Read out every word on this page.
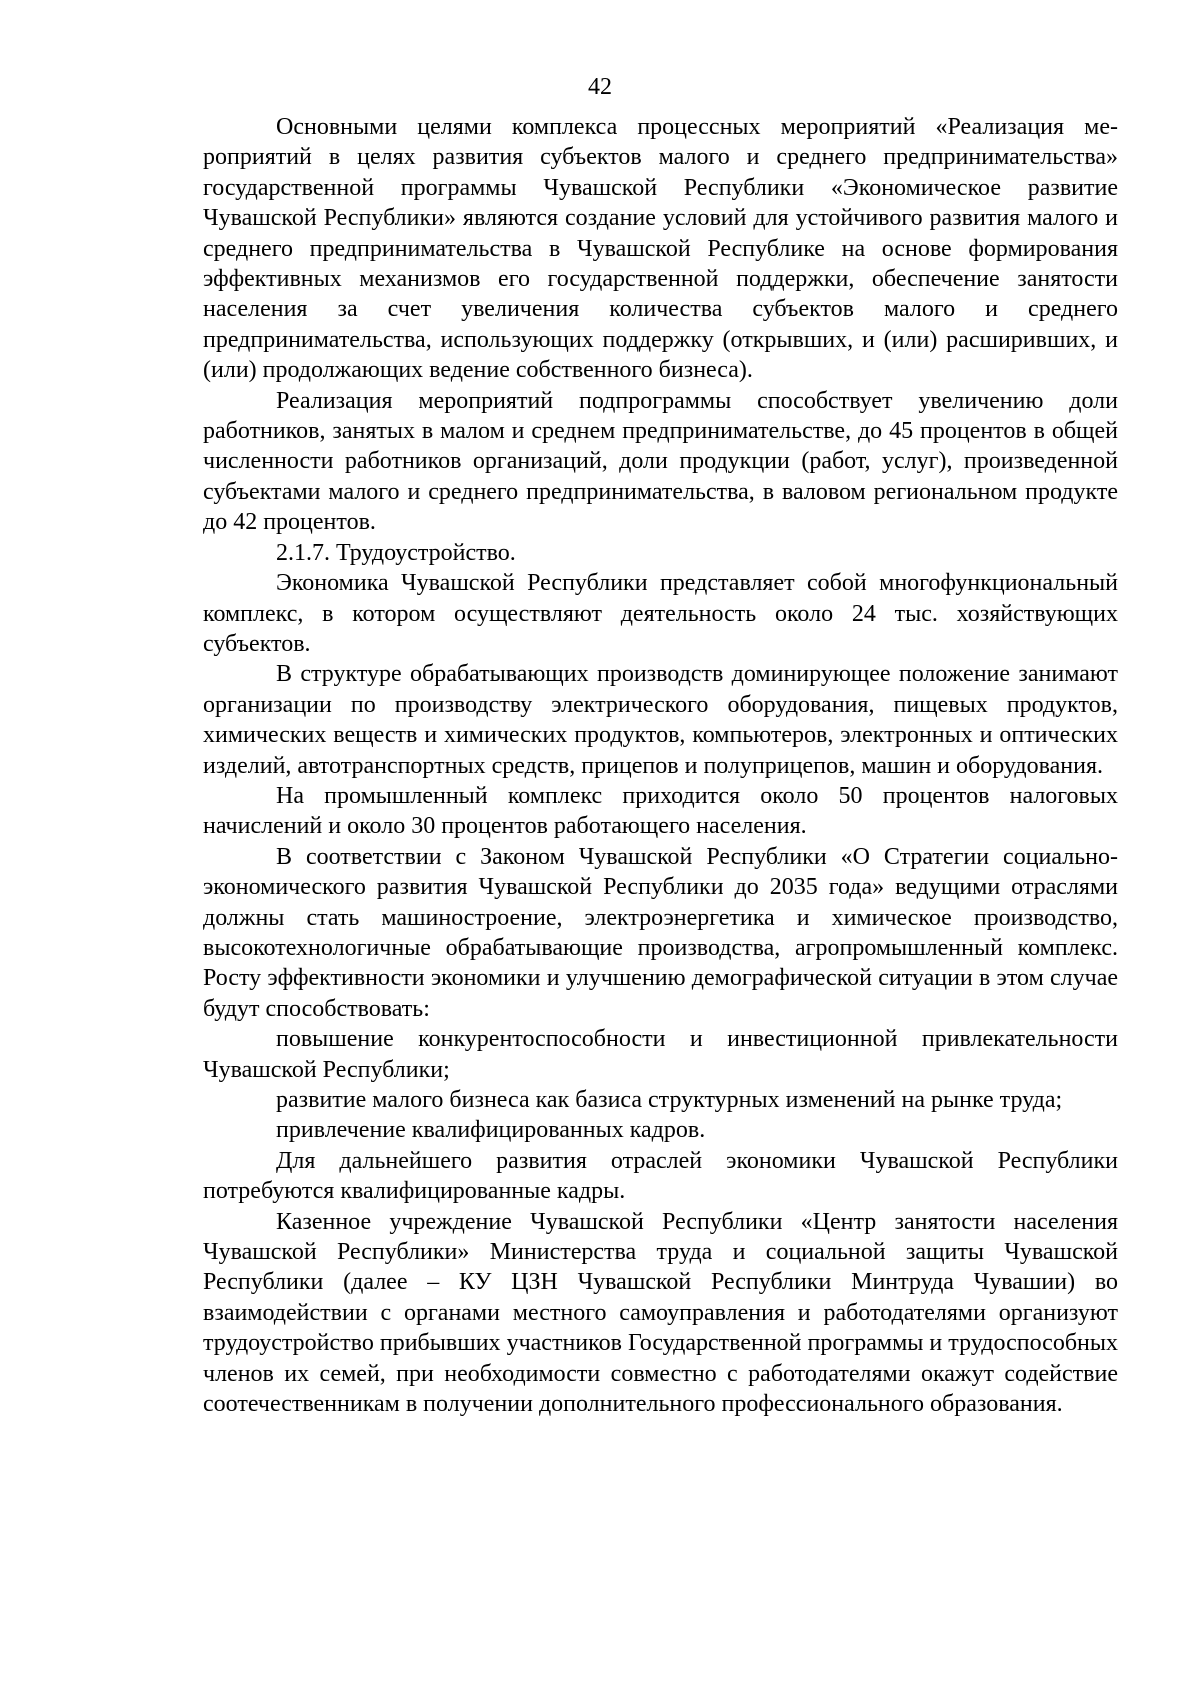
42

Основными целями комплекса процессных мероприятий «Реализация мероприятий в целях развития субъектов малого и среднего предпринимательства» государственной программы Чувашской Республики «Экономическое развитие Чувашской Республики» являются создание условий для устойчивого развития малого и среднего предпринимательства в Чувашской Республике на основе формирования эффективных механизмов его государственной поддержки, обеспечение занятости населения за счет увеличения количества субъектов малого и среднего предпринимательства, использующих поддержку (открывших, и (или) расширивших, и (или) продолжающих ведение собственного бизнеса).

Реализация мероприятий подпрограммы способствует увеличению доли работников, занятых в малом и среднем предпринимательстве, до 45 процентов в общей численности работников организаций, доли продукции (работ, услуг), произведенной субъектами малого и среднего предпринимательства, в валовом региональном продукте до 42 процентов.

2.1.7. Трудоустройство.

Экономика Чувашской Республики представляет собой многофункциональный комплекс, в котором осуществляют деятельность около 24 тыс. хозяйствующих субъектов.

В структуре обрабатывающих производств доминирующее положение занимают организации по производству электрического оборудования, пищевых продуктов, химических веществ и химических продуктов, компьютеров, электронных и оптических изделий, автотранспортных средств, прицепов и полуприцепов, машин и оборудования.

На промышленный комплекс приходится около 50 процентов налоговых начислений и около 30 процентов работающего населения.

В соответствии с Законом Чувашской Республики «О Стратегии социально-экономического развития Чувашской Республики до 2035 года» ведущими отраслями должны стать машиностроение, электроэнергетика и химическое производство, высокотехнологичные обрабатывающие производства, агропромышленный комплекс. Росту эффективности экономики и улучшению демографической ситуации в этом случае будут способствовать:

повышение конкурентоспособности и инвестиционной привлекательности Чувашской Республики;

развитие малого бизнеса как базиса структурных изменений на рынке труда;

привлечение квалифицированных кадров.

Для дальнейшего развития отраслей экономики Чувашской Республики потребуются квалифицированные кадры.

Казенное учреждение Чувашской Республики «Центр занятости населения Чувашской Республики» Министерства труда и социальной защиты Чувашской Республики (далее – КУ ЦЗН Чувашской Республики Минтруда Чувашии) во взаимодействии с органами местного самоуправления и работодателями организуют трудоустройство прибывших участников Государственной программы и трудоспособных членов их семей, при необходимости совместно с работодателями окажут содействие соотечественникам в получении дополнительного профессионального образования.
